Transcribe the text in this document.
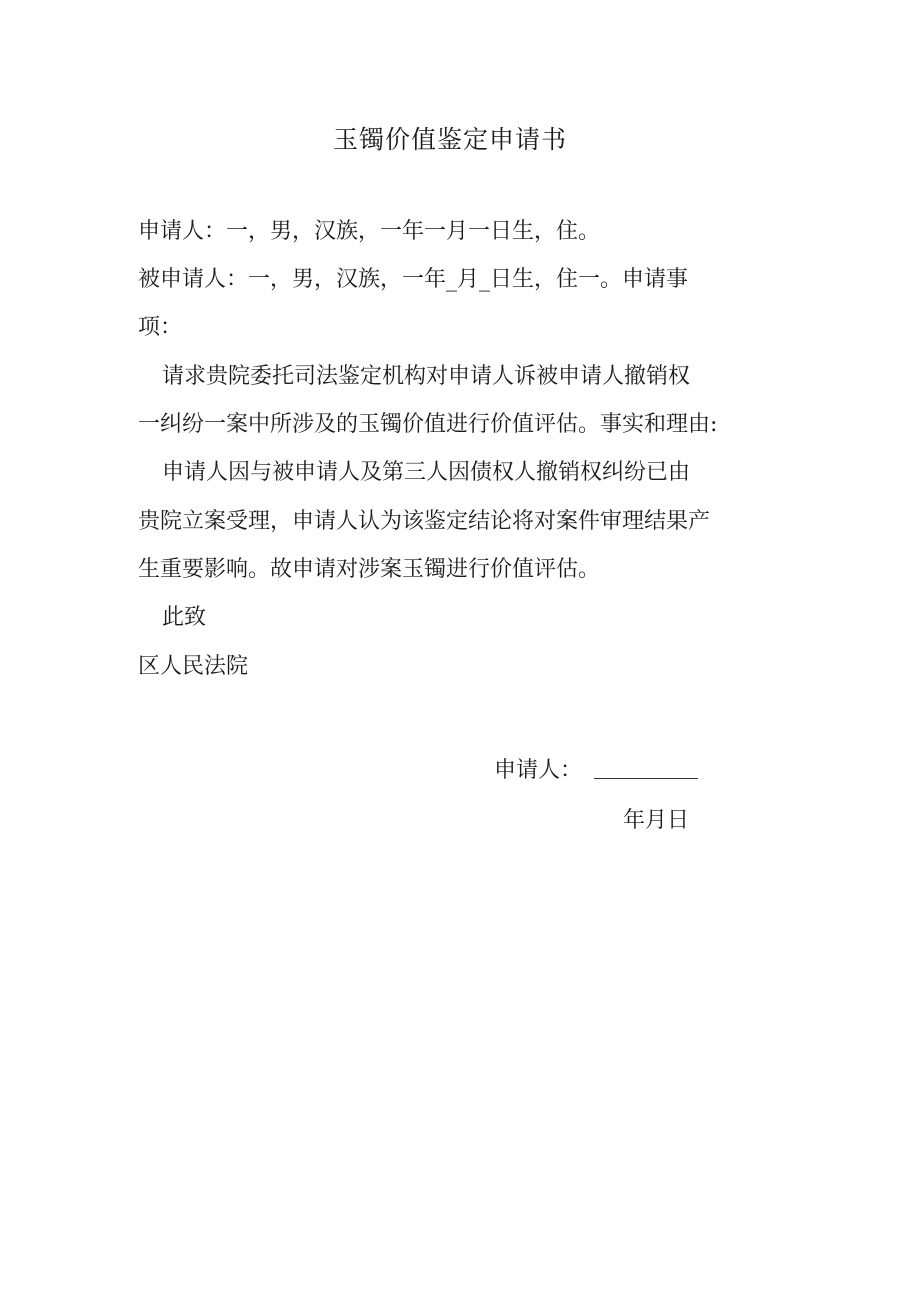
玉镯价值鉴定申请书
申请人：一，男，汉族，一年一月一日生，住。
被申请人：一，男，汉族，一年_月_日生，住一。申请事
项：
请求贵院委托司法鉴定机构对申请人诉被申请人撤销权
一纠纷一案中所涉及的玉镯价值进行价值评估。事实和理由:
申请人因与被申请人及第三人因债权人撤销权纠纷已由
贵院立案受理，申请人认为该鉴定结论将对案件审理结果产
生重要影响。故申请对涉案玉镯进行价值评估。
此致
区人民法院
申请人：
年月日
